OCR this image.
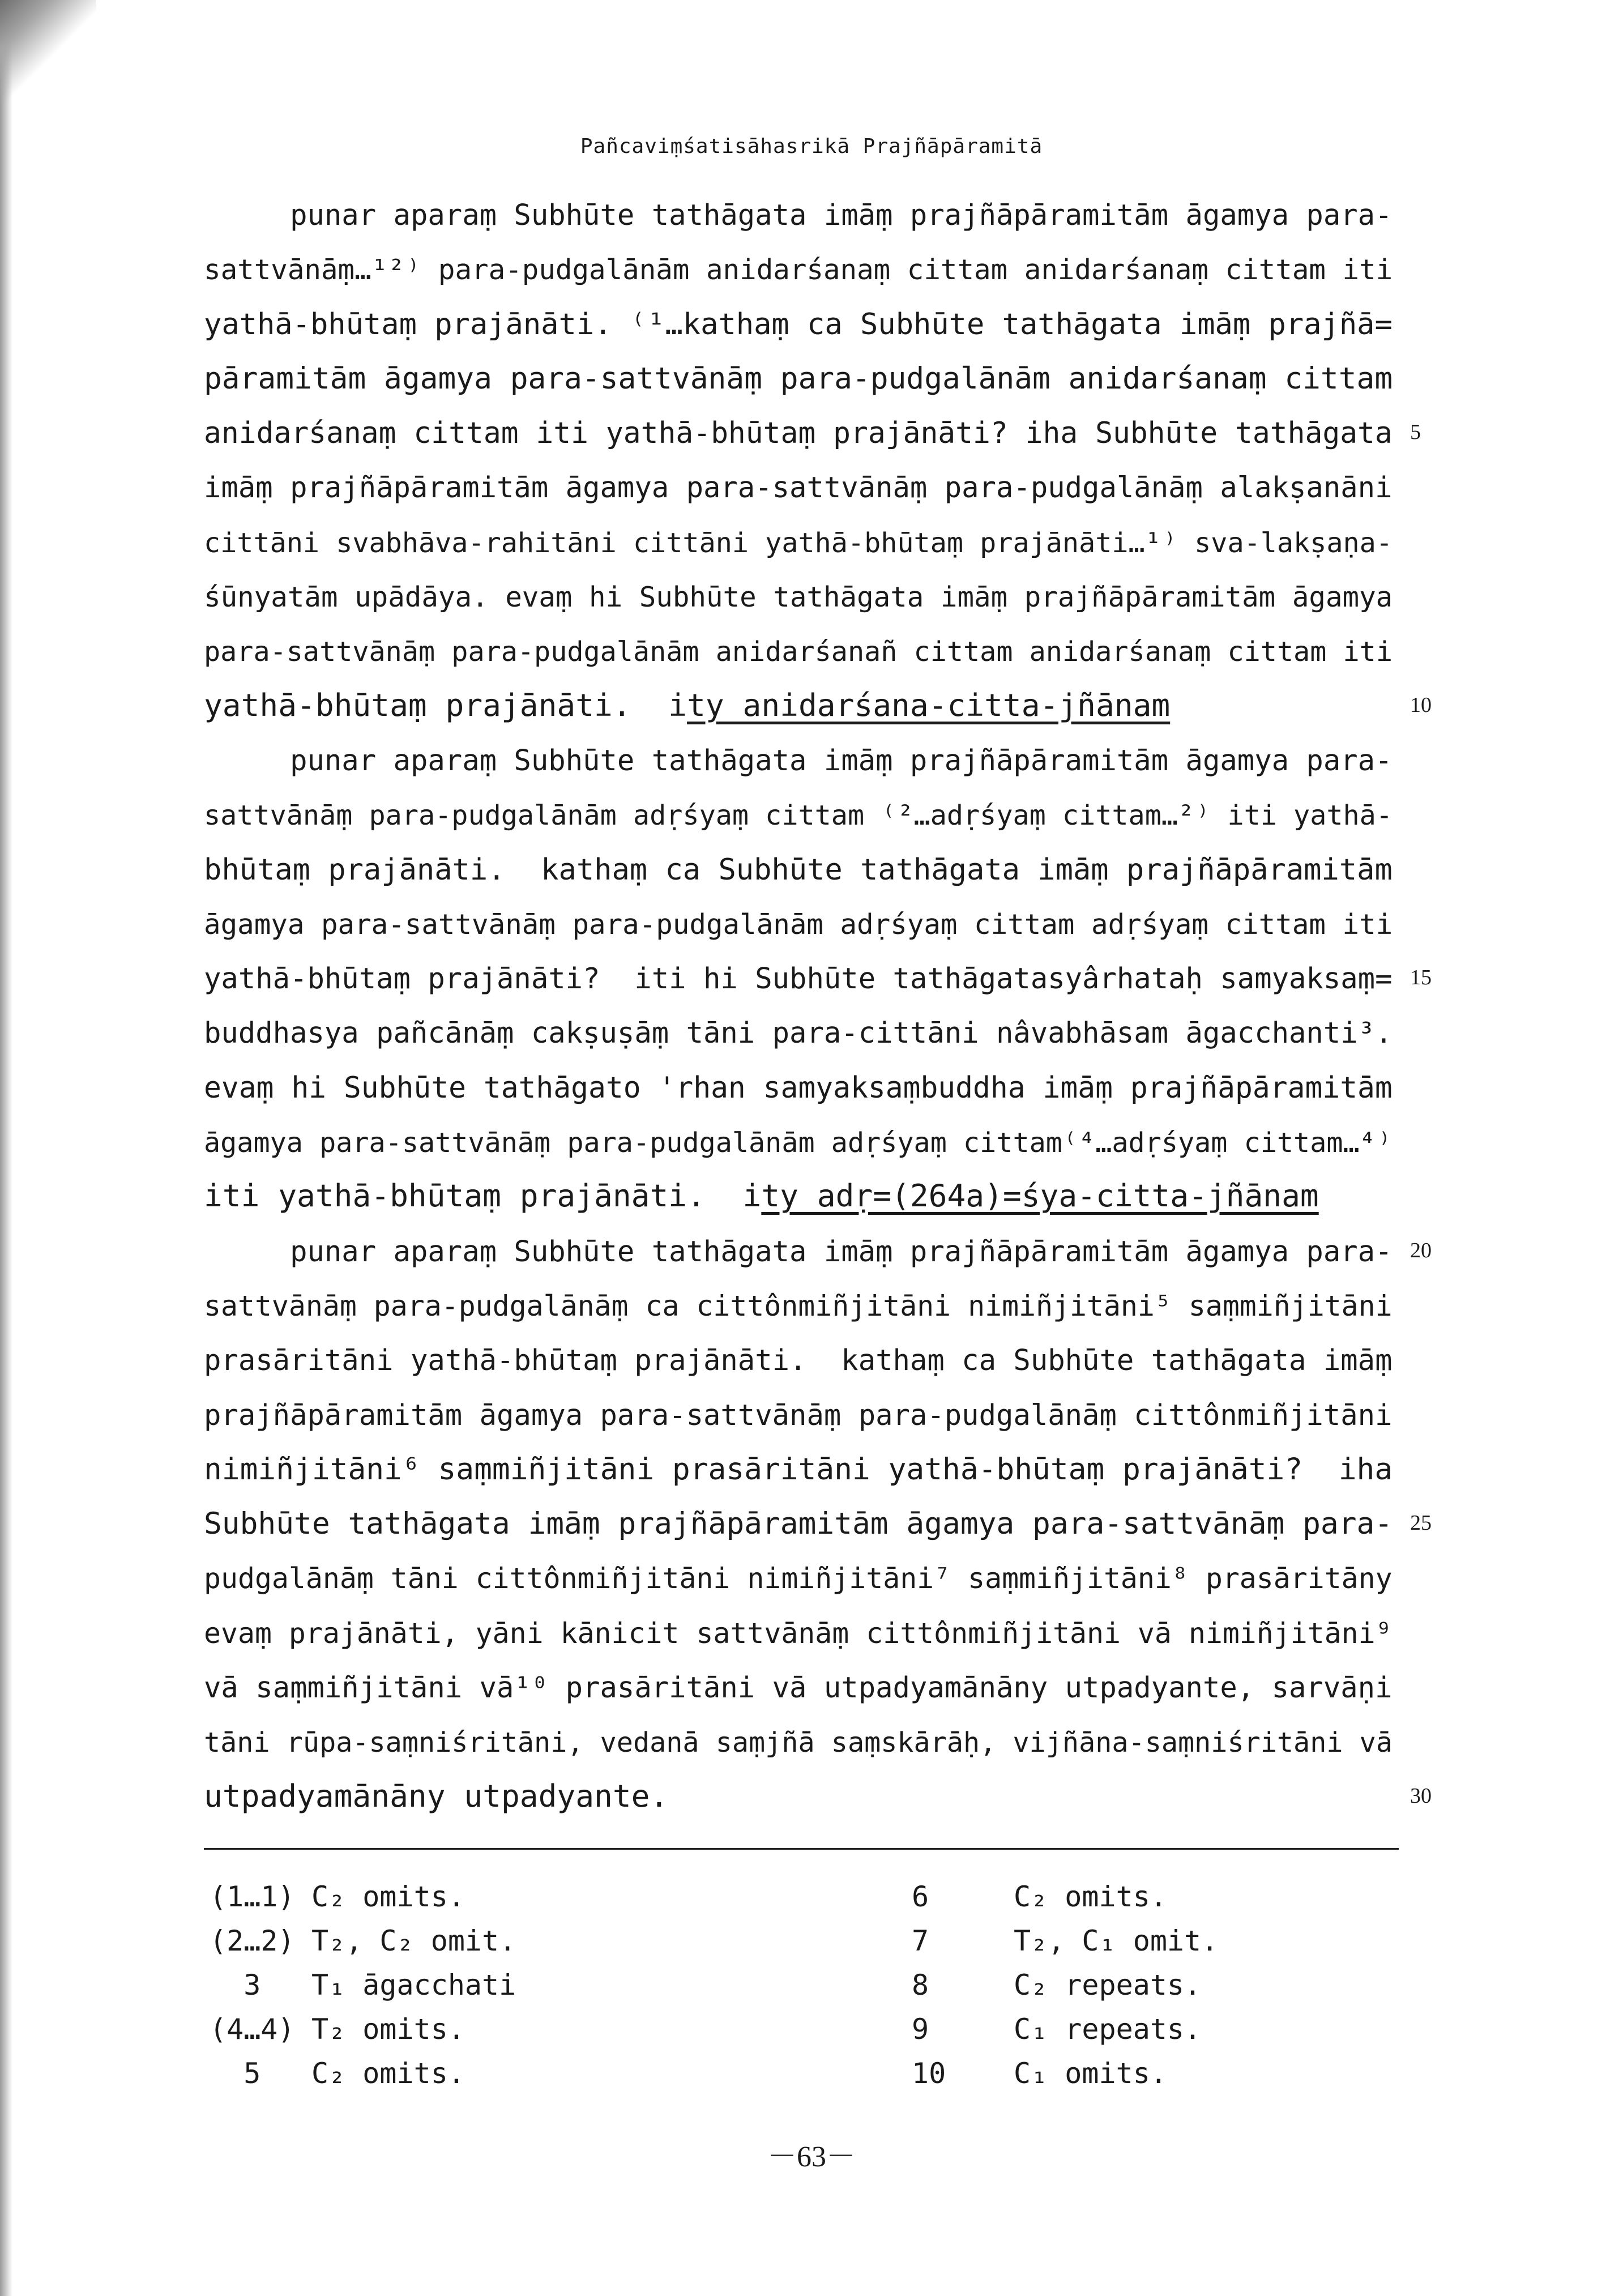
Pañcaviṃśatisāhasrikā Prajñāpāramitā
punar aparaṃ Subhūte tathāgata imāṃ prajñāpāramitām āgamya para-
sattvānāṃ…¹²⁾ para-pudgalānām anidarśanaṃ cittam anidarśanaṃ cittam iti
yathā-bhūtaṃ prajānāti. ⁽¹…kathaṃ ca Subhūte tathāgata imāṃ prajñā=
pāramitām āgamya para-sattvānāṃ para-pudgalānām anidarśanaṃ cittam
anidarśanaṃ cittam iti yathā-bhūtaṃ prajānāti? iha Subhūte tathāgata 5
imāṃ prajñāpāramitām āgamya para-sattvānāṃ para-pudgalānāṃ alakṣanāni
cittāni svabhāva-rahitāni cittāni yathā-bhūtaṃ prajānāti…¹⁾ sva-lakṣaṇa-
śūnyatām upādāya. evaṃ hi Subhūte tathāgata imāṃ prajñāpāramitām āgamya
para-sattvānāṃ para-pudgalānām anidarśanañ cittam anidarśanaṃ cittam iti
yathā-bhūtaṃ prajānāti.  ity anidarśana-citta-jñānam	10
punar aparaṃ Subhūte tathāgata imāṃ prajñāpāramitām āgamya para-
sattvānāṃ para-pudgalānām adṛśyaṃ cittam ⁽²…adṛśyaṃ cittam…²⁾ iti yathā-
bhūtaṃ prajānāti.  kathaṃ ca Subhūte tathāgata imāṃ prajñāpāramitām
āgamya para-sattvānāṃ para-pudgalānām adṛśyaṃ cittam adṛśyaṃ cittam iti
yathā-bhūtaṃ prajānāti?  iti hi Subhūte tathāgatasyârhataḥ samyaksaṃ= 15
buddhasya pañcānāṃ cakṣuṣāṃ tāni para-cittāni nâvabhāsam āgacchanti³.
evaṃ hi Subhūte tathāgato 'rhan samyaksaṃbuddha imāṃ prajñāpāramitām
āgamya para-sattvānāṃ para-pudgalānām adṛśyaṃ cittam⁽⁴…adṛśyaṃ cittam…⁴⁾
iti yathā-bhūtaṃ prajānāti.  ity adṛ=(264a)=śya-citta-jñānam
punar aparaṃ Subhūte tathāgata imāṃ prajñāpāramitām āgamya para- 20
sattvānāṃ para-pudgalānāṃ ca cittônmiñjitāni nimiñjitāni⁵ saṃmiñjitāni
prasāritāni yathā-bhūtaṃ prajānāti.  kathaṃ ca Subhūte tathāgata imāṃ
prajñāpāramitām āgamya para-sattvānāṃ para-pudgalānāṃ cittônmiñjitāni
nimiñjitāni⁶ saṃmiñjitāni prasāritāni yathā-bhūtaṃ prajānāti?  iha
Subhūte tathāgata imāṃ prajñāpāramitām āgamya para-sattvānāṃ para- 25
pudgalānāṃ tāni cittônmiñjitāni nimiñjitāni⁷ saṃmiñjitāni⁸ prasāritāny
evaṃ prajānāti, yāni kānicit sattvānāṃ cittônmiñjitāni vā nimiñjitāni⁹
vā saṃmiñjitāni vā¹⁰ prasāritāni vā utpadyamānāny utpadyante, sarvāṇi
tāni rūpa-saṃniśritāni, vedanā saṃjñā saṃskārāḥ, vijñāna-saṃniśritāni vā
utpadyamānāny utpadyante.	30
(1…1) C₂ omits.
(2…2) T₂, C₂ omit.
3 T₁ āgacchati
(4…4) T₂ omits.
5 C₂ omits.
6	C₂ omits.
7	T₂, C₁ omit.
8	C₂ repeats.
9	C₁ repeats.
10 C₁ omits.
－63－
